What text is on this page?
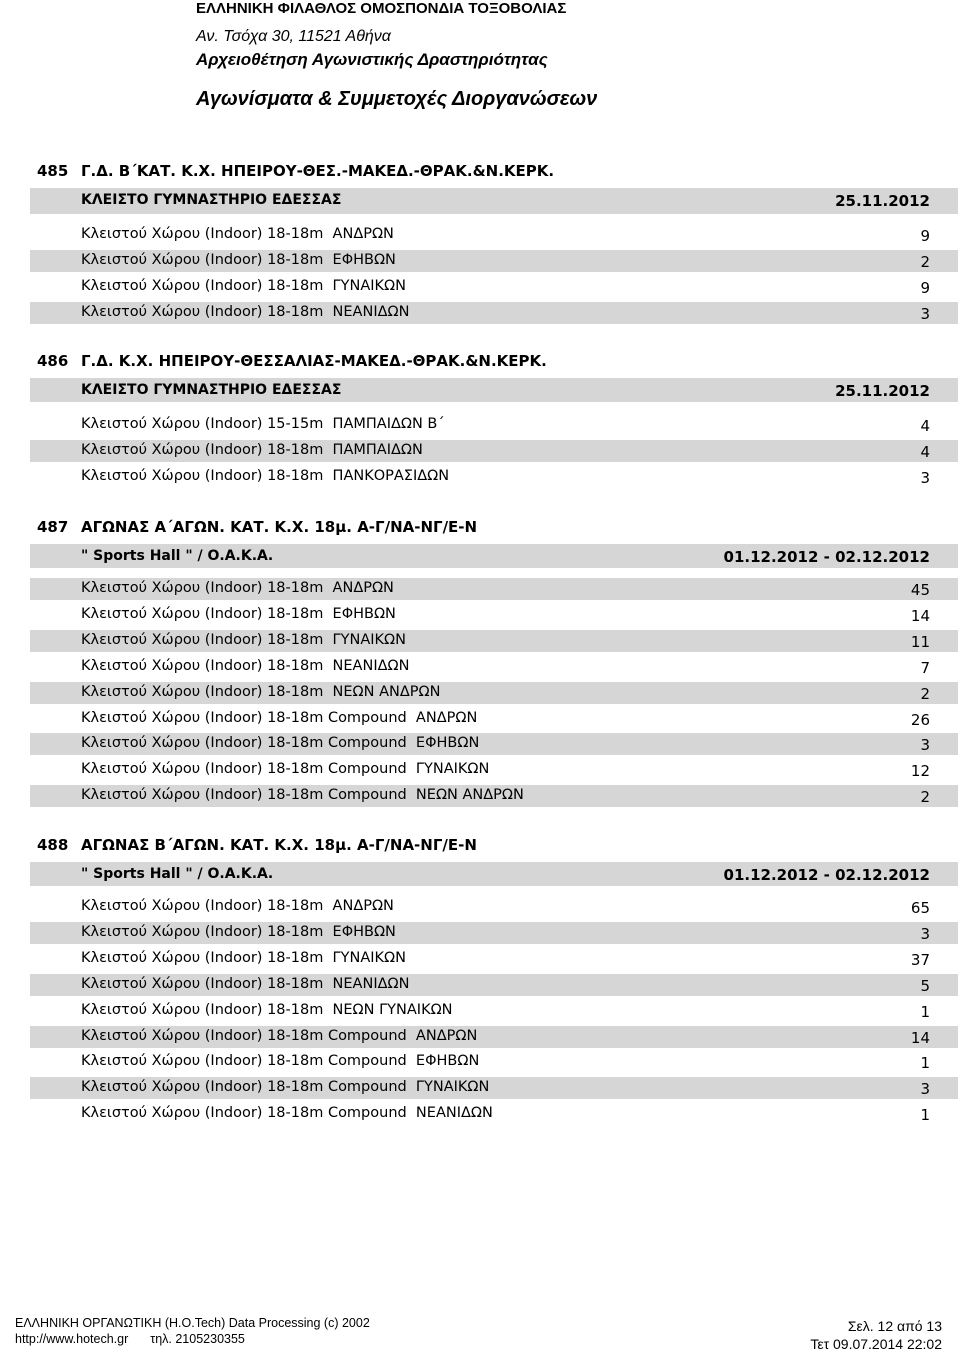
ΕΛΛΗΝΙΚΗ ΦΙΛΑΘΛΟΣ ΟΜΟΣΠΟΝΔΙΑ ΤΟΞΟΒΟΛΙΑΣ
Αν. Τσόχα 30, 11521 Αθήνα
Αρχειοθέτηση Αγωνιστικής Δραστηριότητας
Αγωνίσματα & Συμμετοχές Διοργανώσεων
485 Γ.Δ. Β΄ΚΑΤ. Κ.Χ. ΗΠΕΙΡΟΥ-ΘΕΣ.-ΜΑΚΕΔ.-ΘΡΑΚ.&Ν.ΚΕΡΚ.
ΚΛΕΙΣΤΟ ΓΥΜΝΑΣΤΗΡΙΟ ΕΔΕΣΣΑΣ	25.11.2012
Κλειστού Χώρου (Indoor) 18-18m  ΑΝΔΡΩΝ	9
Κλειστού Χώρου (Indoor) 18-18m  ΕΦΗΒΩΝ	2
Κλειστού Χώρου (Indoor) 18-18m  ΓΥΝΑΙΚΩΝ	9
Κλειστού Χώρου (Indoor) 18-18m  ΝΕΑΝΙΔΩΝ	3
486 Γ.Δ. Κ.Χ. ΗΠΕΙΡΟΥ-ΘΕΣΣΑΛΙΑΣ-ΜΑΚΕΔ.-ΘΡΑΚ.&Ν.ΚΕΡΚ.
ΚΛΕΙΣΤΟ ΓΥΜΝΑΣΤΗΡΙΟ ΕΔΕΣΣΑΣ	25.11.2012
Κλειστού Χώρου (Indoor) 15-15m  ΠΑΜΠΑΙΔΩΝ Β΄	4
Κλειστού Χώρου (Indoor) 18-18m  ΠΑΜΠΑΙΔΩΝ	4
Κλειστού Χώρου (Indoor) 18-18m  ΠΑΝΚΟΡΑΣΙΔΩΝ	3
487 ΑΓΩΝΑΣ Α΄ΑΓΩΝ. ΚΑΤ. Κ.Χ. 18μ. Α-Γ/ΝΑ-ΝΓ/Ε-Ν
" Sports Hall " / Ο.Α.Κ.Α.	01.12.2012 - 02.12.2012
Κλειστού Χώρου (Indoor) 18-18m  ΑΝΔΡΩΝ	45
Κλειστού Χώρου (Indoor) 18-18m  ΕΦΗΒΩΝ	14
Κλειστού Χώρου (Indoor) 18-18m  ΓΥΝΑΙΚΩΝ	11
Κλειστού Χώρου (Indoor) 18-18m  ΝΕΑΝΙΔΩΝ	7
Κλειστού Χώρου (Indoor) 18-18m  ΝΕΩΝ ΑΝΔΡΩΝ	2
Κλειστού Χώρου (Indoor) 18-18m Compound  ΑΝΔΡΩΝ	26
Κλειστού Χώρου (Indoor) 18-18m Compound  ΕΦΗΒΩΝ	3
Κλειστού Χώρου (Indoor) 18-18m Compound  ΓΥΝΑΙΚΩΝ	12
Κλειστού Χώρου (Indoor) 18-18m Compound  ΝΕΩΝ ΑΝΔΡΩΝ	2
488 ΑΓΩΝΑΣ Β΄ΑΓΩΝ. ΚΑΤ. Κ.Χ. 18μ. Α-Γ/ΝΑ-ΝΓ/Ε-Ν
" Sports Hall " / Ο.Α.Κ.Α.	01.12.2012 - 02.12.2012
Κλειστού Χώρου (Indoor) 18-18m  ΑΝΔΡΩΝ	65
Κλειστού Χώρου (Indoor) 18-18m  ΕΦΗΒΩΝ	3
Κλειστού Χώρου (Indoor) 18-18m  ΓΥΝΑΙΚΩΝ	37
Κλειστού Χώρου (Indoor) 18-18m  ΝΕΑΝΙΔΩΝ	5
Κλειστού Χώρου (Indoor) 18-18m  ΝΕΩΝ ΓΥΝΑΙΚΩΝ	1
Κλειστού Χώρου (Indoor) 18-18m Compound  ΑΝΔΡΩΝ	14
Κλειστού Χώρου (Indoor) 18-18m Compound  ΕΦΗΒΩΝ	1
Κλειστού Χώρου (Indoor) 18-18m Compound  ΓΥΝΑΙΚΩΝ	3
Κλειστού Χώρου (Indoor) 18-18m Compound  ΝΕΑΝΙΔΩΝ	1
ΕΛΛΗΝΙΚΗ ΟΡΓΑΝΩΤΙΚΗ (Η.Ο.Tech) Data Processing (c) 2002
http://www.hotech.gr τηλ. 2105230355
Σελ. 12 από 13
Τετ 09.07.2014 22:02
